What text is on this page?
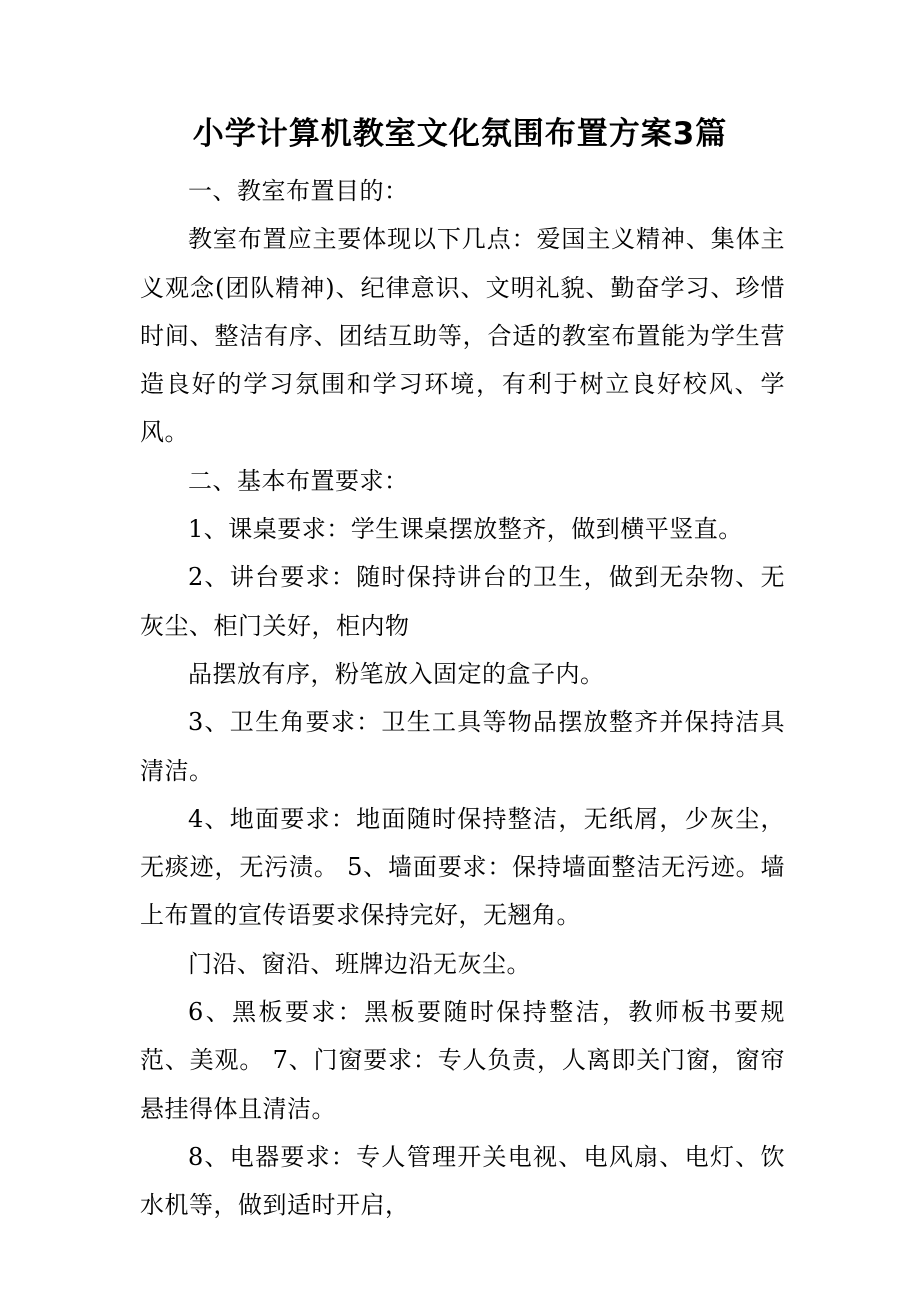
小学计算机教室文化氛围布置方案3篇

一、教室布置目的：

教室布置应主要体现以下几点：爱国主义精神、集体主义观念(团队精神)、纪律意识、文明礼貌、勤奋学习、珍惜时间、整洁有序、团结互助等，合适的教室布置能为学生营造良好的学习氛围和学习环境，有利于树立良好校风、学风。

二、基本布置要求：

1、课桌要求：学生课桌摆放整齐，做到横平竖直。

2、讲台要求：随时保持讲台的卫生，做到无杂物、无灰尘、柜门关好，柜内物

品摆放有序，粉笔放入固定的盒子内。

3、卫生角要求：卫生工具等物品摆放整齐并保持洁具清洁。

4、地面要求：地面随时保持整洁，无纸屑，少灰尘，无痰迹，无污渍。 5、墙面要求：保持墙面整洁无污迹。墙上布置的宣传语要求保持完好，无翘角。

门沿、窗沿、班牌边沿无灰尘。

6、黑板要求：黑板要随时保持整洁，教师板书要规范、美观。 7、门窗要求：专人负责，人离即关门窗，窗帘悬挂得体且清洁。

8、电器要求：专人管理开关电视、电风扇、电灯、饮水机等，做到适时开启，
